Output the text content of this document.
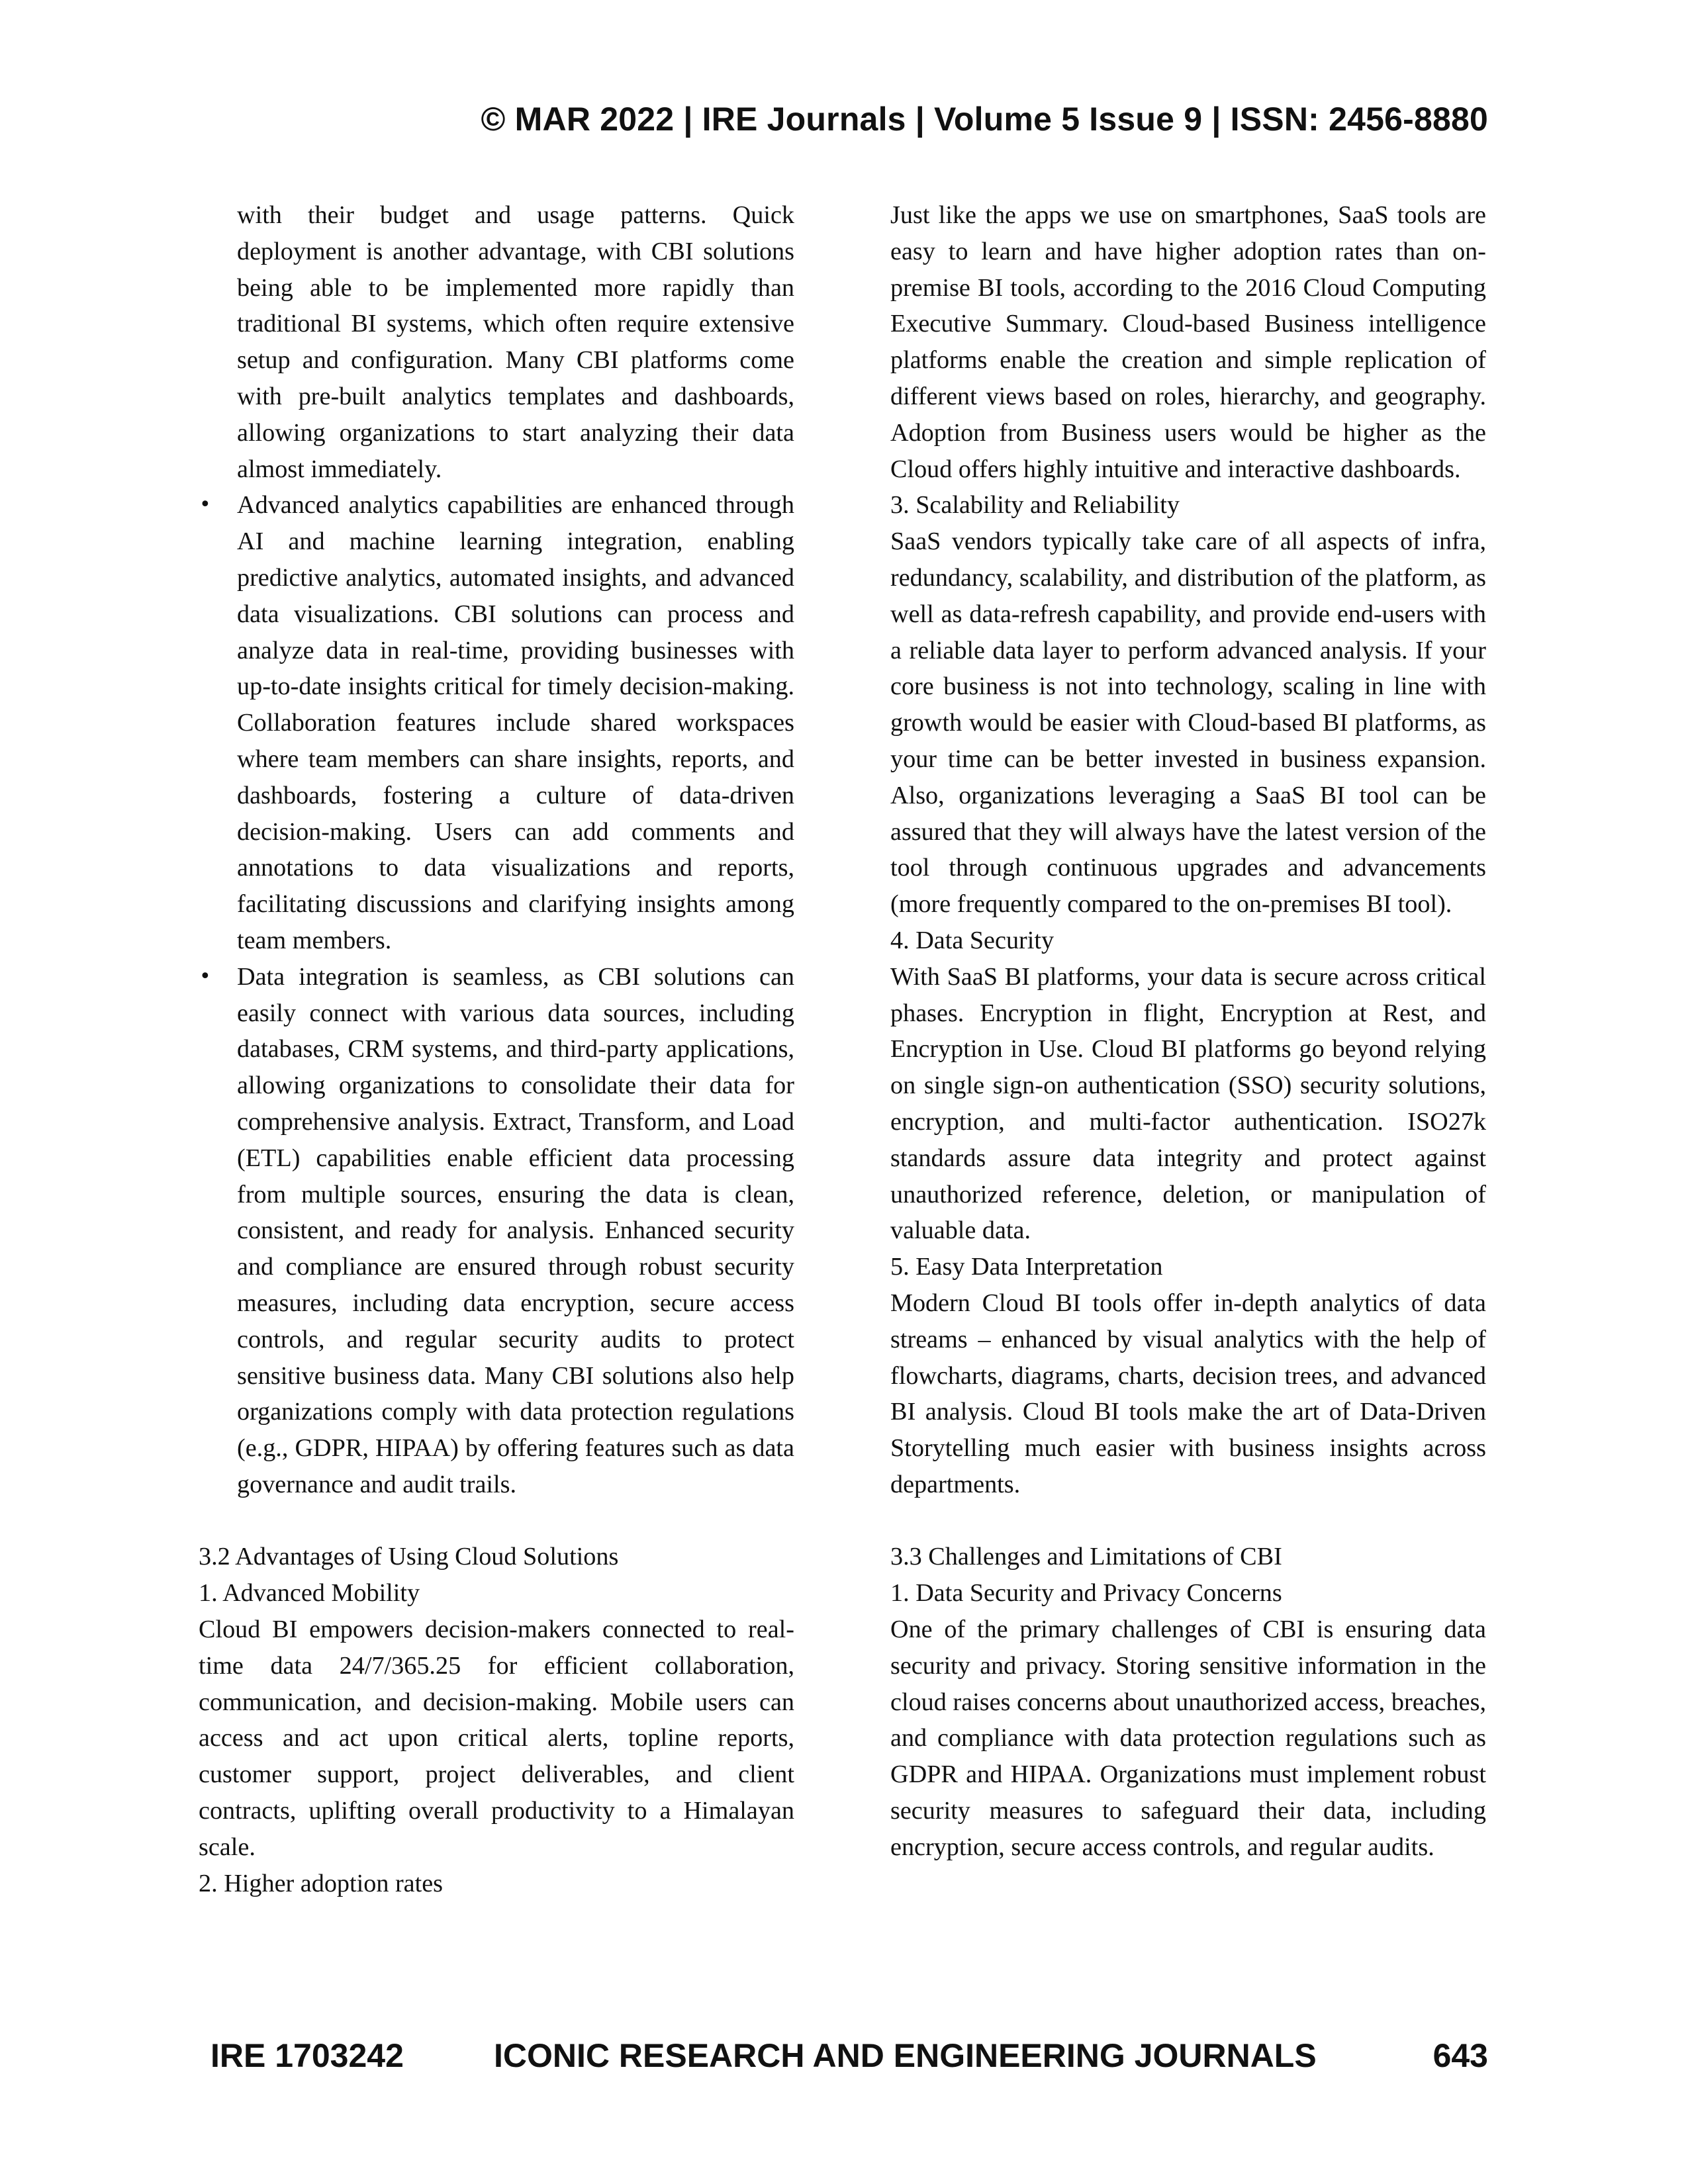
© MAR 2022 | IRE Journals | Volume 5 Issue 9 | ISSN: 2456-8880

with their budget and usage patterns. Quick deployment is another advantage, with CBI solutions being able to be implemented more rapidly than traditional BI systems, which often require extensive setup and configuration. Many CBI platforms come with pre-built analytics templates and dashboards, allowing organizations to start analyzing their data almost immediately.

•	Advanced analytics capabilities are enhanced through AI and machine learning integration, enabling predictive analytics, automated insights, and advanced data visualizations. CBI solutions can process and analyze data in real-time, providing businesses with up-to-date insights critical for timely decision-making. Collaboration features include shared workspaces where team members can share insights, reports, and dashboards, fostering a culture of data-driven decision-making. Users can add comments and annotations to data visualizations and reports, facilitating discussions and clarifying insights among team members.

•	Data integration is seamless, as CBI solutions can easily connect with various data sources, including databases, CRM systems, and third-party applications, allowing organizations to consolidate their data for comprehensive analysis. Extract, Transform, and Load (ETL) capabilities enable efficient data processing from multiple sources, ensuring the data is clean, consistent, and ready for analysis. Enhanced security and compliance are ensured through robust security measures, including data encryption, secure access controls, and regular security audits to protect sensitive business data. Many CBI solutions also help organizations comply with data protection regulations (e.g., GDPR, HIPAA) by offering features such as data governance and audit trails.

3.2 Advantages of Using Cloud Solutions

1. Advanced Mobility

Cloud BI empowers decision-makers connected to real-time data 24/7/365.25 for efficient collaboration, communication, and decision-making. Mobile users can access and act upon critical alerts, topline reports, customer support, project deliverables, and client contracts, uplifting overall productivity to a Himalayan scale.

2. Higher adoption rates

Just like the apps we use on smartphones, SaaS tools are easy to learn and have higher adoption rates than on-premise BI tools, according to the 2016 Cloud Computing Executive Summary. Cloud-based Business intelligence platforms enable the creation and simple replication of different views based on roles, hierarchy, and geography. Adoption from Business users would be higher as the Cloud offers highly intuitive and interactive dashboards.

3. Scalability and Reliability

SaaS vendors typically take care of all aspects of infra, redundancy, scalability, and distribution of the platform, as well as data-refresh capability, and provide end-users with a reliable data layer to perform advanced analysis. If your core business is not into technology, scaling in line with growth would be easier with Cloud-based BI platforms, as your time can be better invested in business expansion. Also, organizations leveraging a SaaS BI tool can be assured that they will always have the latest version of the tool through continuous upgrades and advancements (more frequently compared to the on-premises BI tool).

4. Data Security

With SaaS BI platforms, your data is secure across critical phases. Encryption in flight, Encryption at Rest, and Encryption in Use. Cloud BI platforms go beyond relying on single sign-on authentication (SSO) security solutions, encryption, and multi-factor authentication. ISO27k standards assure data integrity and protect against unauthorized reference, deletion, or manipulation of valuable data.

5. Easy Data Interpretation

Modern Cloud BI tools offer in-depth analytics of data streams – enhanced by visual analytics with the help of flowcharts, diagrams, charts, decision trees, and advanced BI analysis. Cloud BI tools make the art of Data-Driven Storytelling much easier with business insights across departments.

3.3 Challenges and Limitations of CBI

1. Data Security and Privacy Concerns

One of the primary challenges of CBI is ensuring data security and privacy. Storing sensitive information in the cloud raises concerns about unauthorized access, breaches, and compliance with data protection regulations such as GDPR and HIPAA. Organizations must implement robust security measures to safeguard their data, including encryption, secure access controls, and regular audits.

IRE 1703242	ICONIC RESEARCH AND ENGINEERING JOURNALS	643
